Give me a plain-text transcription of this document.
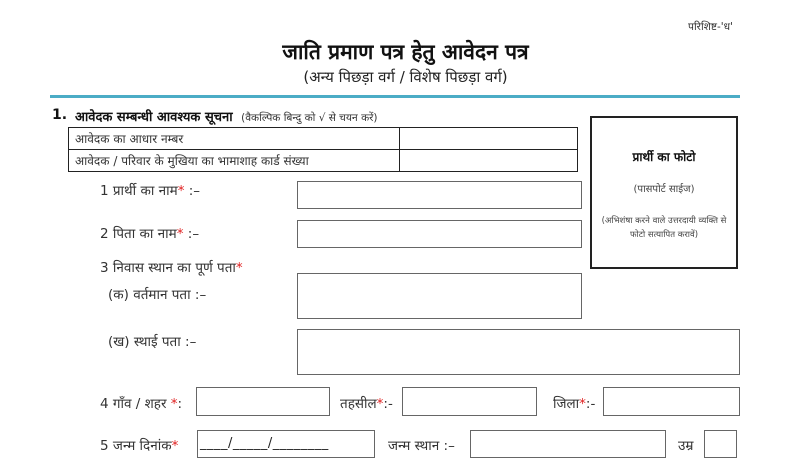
परिशिष्ट-'ध'
जाति प्रमाण पत्र हेतु आवेदन पत्र
(अन्य पिछड़ा वर्ग / विशेष पिछड़ा वर्ग)
1. आवेदक सम्बन्धी आवश्यक सूचना (वैकल्पिक बिन्दु को √ से चयन करें)
आवेदक का आधार नम्बर	
आवेदक / परिवार के मुखिया का भामाशाह कार्ड संख्या		प्रार्थी का फोटो
(पासपोर्ट साईज)
(अभिशंषा करने वाले उत्तरदायी व्यक्ति से फोटो सत्यापित करावें)
1 प्रार्थी का नाम* :–
2 पिता का नाम* :–
3 निवास स्थान का पूर्ण पता*
(क) वर्तमान पता :–
(ख) स्थाई पता :–
4 गाँव / शहर *:	तहसील*:-	जिला*:-
5 जन्म दिनांक* ____/_____/________	जन्म स्थान :–	उम्र
